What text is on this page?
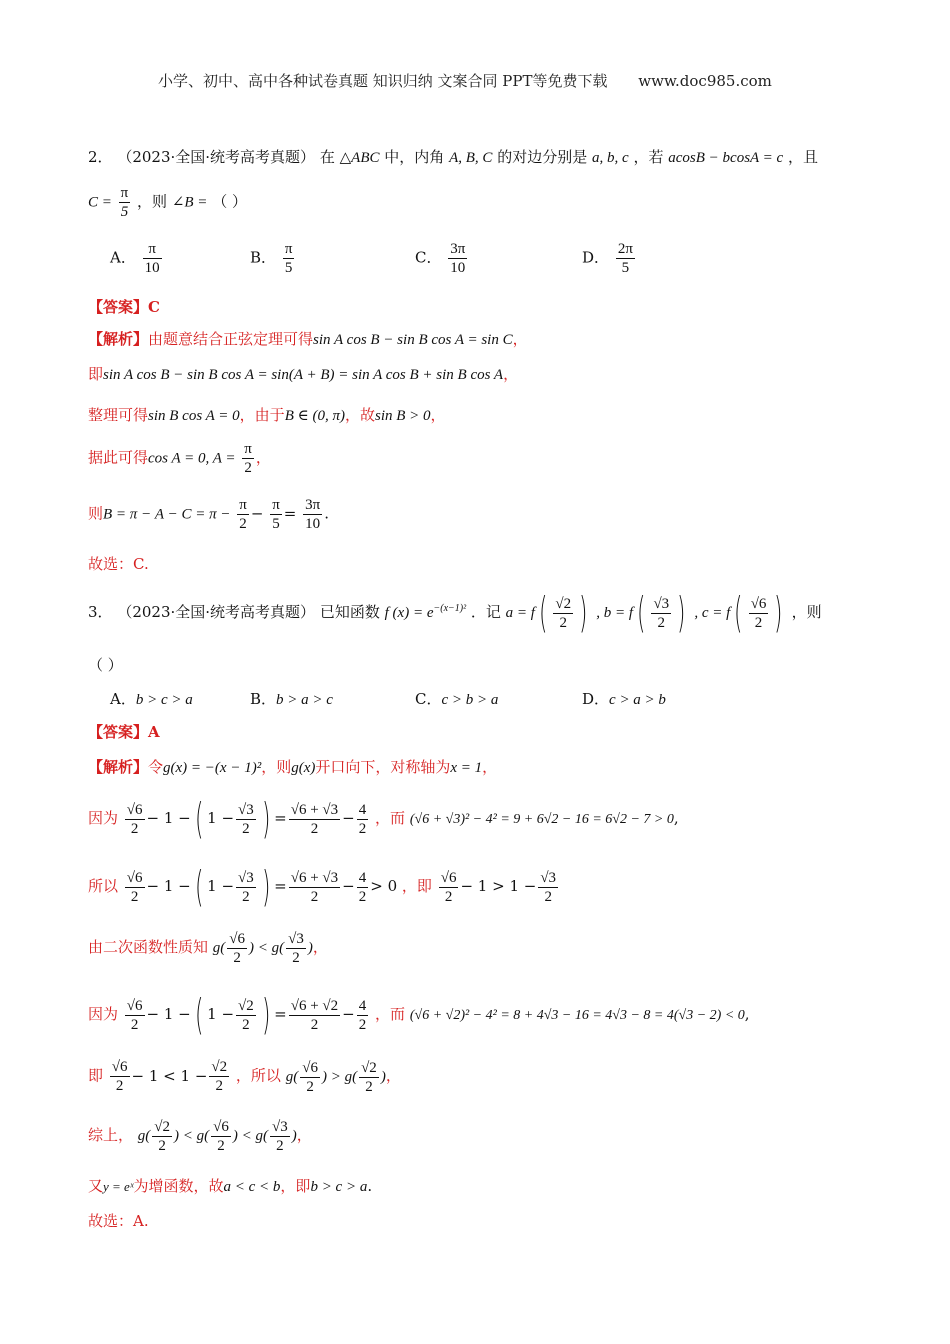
小学、初中、高中各种试卷真题 知识归纳 文案合同 PPT等免费下载 www.doc985.com
2． （2023·全国·统考高考真题） 在 △ABC 中，内角 A, B, C 的对边分别是 a, b, c ，若 acosB − bcosA = c ，且
$C = \frac{\pi}{5}$ ，则 ∠B = （ ）
A． $\frac{\pi}{10}$	B． $\frac{\pi}{5}$	C． $\frac{3\pi}{10}$	D． $\frac{2\pi}{5}$
【答案】C
【解析】由题意结合正弦定理可得sin A cos B − sin B cos A = sin C，
即sin A cos B − sin B cos A = sin(A + B) = sin A cos B + sin B cos A，
整理可得sin B cos A = 0，由于B ∈ (0, π)，故sin B > 0，
据此可得cos A = 0, $A = \frac{\pi}{2}$ ，
则$B = \pi - A - C = \pi - \frac{\pi}{2} - \frac{\pi}{5} = \frac{3\pi}{10}$ .
故选：C.
3． （2023·全国·统考高考真题） 已知函数 f $(x) = e^{-(x-1)^2}$ ．记 $a = f( \frac{√2}{2}$ ) , $b = f( \frac{√3}{2}$ ) , $c = f( \frac{√6}{2}$ ) ，则
（ ）
A．b > c > a	B．b > a > c	C．c > b > a	D．c > a > b
【答案】A
【解析】令g(x) = −(x − 1)²，则g(x)开口向下，对称轴为x = 1，
因为 $\frac{√6}{2} - 1$ −( $1 - \frac{√3}{2}$ ) = $\frac{√6 + √3}{2} - \frac{4}{2}$ ，而 (√6 + √3)² − 4² = 9 + 6√2 − 16 = 6√2 − 7 > 0,
所以 $\frac{√6}{2} - 1$ −( $1 - \frac{√3}{2}$ ) = $\frac{√6 + √3}{2} - \frac{4}{2} > 0$ ，即 $\frac{√6}{2} - 1 > 1 - \frac{√3}{2}$
由二次函数性质知 $g( \frac{√6}{2}$ ) < $g( \frac{√3}{2}$ )，
因为 $\frac{√6}{2} - 1$ −( $1 - \frac{√2}{2}$ ) = $\frac{√6 + √2}{2} - \frac{4}{2}$ ，而 (√6 + √2)² − 4² = 8 + 4√3 − 16 = 4√3 − 8 = 4(√3 − 2) < 0,
即 $\frac{√6}{2} - 1 < 1 - \frac{√2}{2}$ ，所以 $g( \frac{√6}{2}$ ) > $g( \frac{√2}{2}$ )，
综上， $g( \frac{√2}{2}$ ) < $g( \frac{√6}{2}$ ) < $g( \frac{√3}{2}$ )，
又y = eˣ为增函数，故a < c < b，即b > c > a.
故选：A.
